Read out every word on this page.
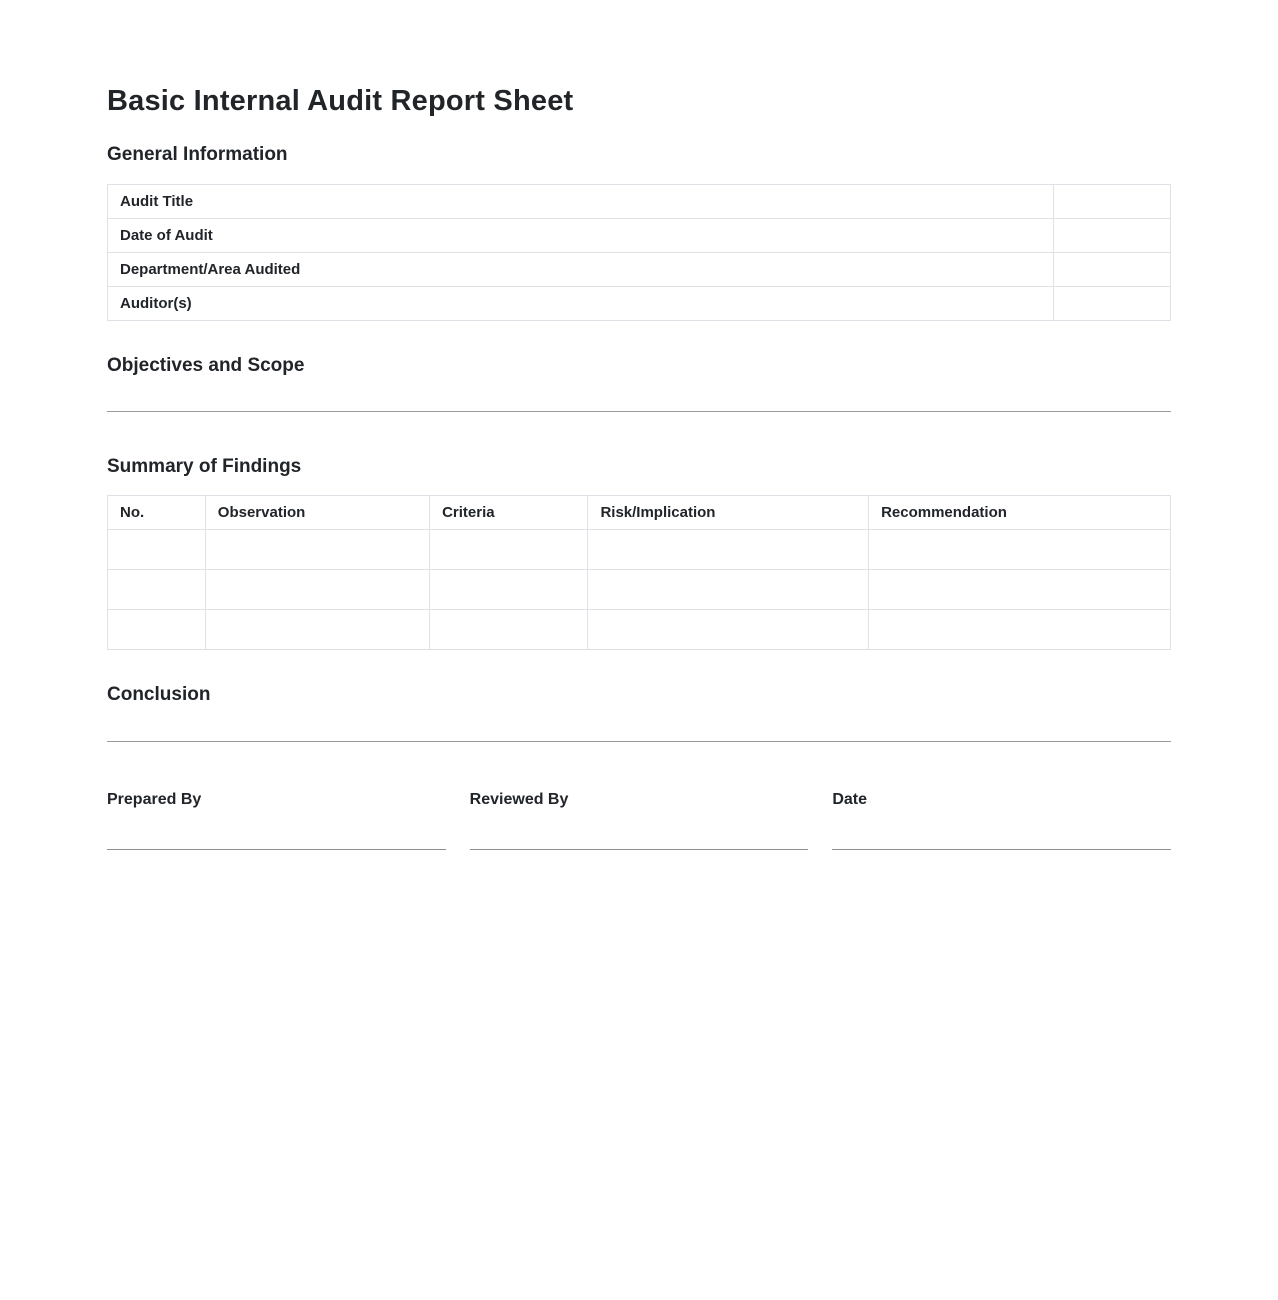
Basic Internal Audit Report Sheet
General Information
Audit Title	
Date of Audit	
Department/Area Audited	
Auditor(s)	
Objectives and Scope
Summary of Findings
No.	Observation	Criteria	Risk/Implication	Recommendation

Conclusion
Prepared By	Reviewed By	Date
